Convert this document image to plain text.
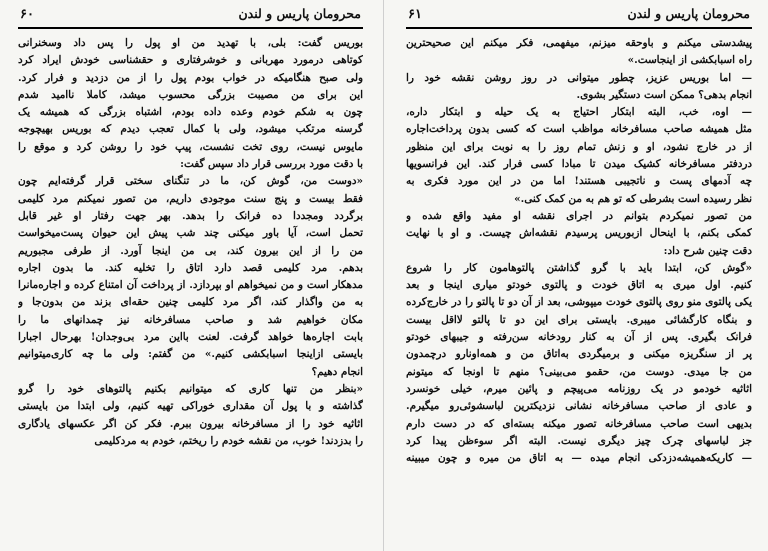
محرومان پاریس و لندن
۶۰
بوریس گفت: بلی، با تهدید من او پول را پس داد وسخنرانی
کوتاهی درمورد مهربانی و خوشرفتاری و حقشناسی خودش ایراد کرد
ولی صبح هنگامیکه در خواب بودم پول را از من دزدید و فرار کرد.
این برای من مصیبت بزرگی محسوب میشد، کاملا ناامید شدم
چون به شکم خودم وعده داده بودم، اشتباه بزرگی که همیشه یک
گرسنه مرتکب میشود، ولی با کمال تعجب دیدم که بوریس بهیچوجه
مایوس نیست، روی تخت نشست، پیپ خود را روشن کرد و موقع را
با دقت مورد بررسی قرار داد سپس گفت:
«دوست من، گوش کن، ما در تنگنای سختی قرار گرفته‌ایم چون
فقط بیست و پنج سنت موجودی داریم، من تصور نمیکنم مرد کلیمی
برگردد ومجددا ده فرانک را بدهد. بهر جهت رفتار او غیر قابل
تحمل است، آیا باور میکنی چند شب پیش این حیوان پست‌میخواست
من را از این بیرون کند، بی من اینجا آورد. از طرفی مجبوریم
بدهم. مرد کلیمی قصد دارد اتاق را تخلیه کند. ما بدون اجاره
مدهکار است و من نمیخواهم او بپردازد. از پرداخت آن امتناع کرده و اجاره‌مانرا
به من واگذار کند، اگر مرد کلیمی چنین حقه‌ای بزند من بدون‌جا و
مکان خواهیم شد و صاحب مسافرخانه نیز چمدانهای ما را
بابت اجاره‌ها خواهد گرفت. لعنت بااین مرد بی‌وجدان! بهرحال اجبارا
بایستی ازاینجا اسبابکشی کنیم.» من گفتم: ولی ما چه کاری‌میتوانیم
انجام دهیم؟
«بنظر من تنها کاری که میتوانیم بکنیم پالتوهای خود را گرو
گذاشته و با پول آن مقداری خوراکی تهیه کنیم، ولی ابتدا من بایستی
اثاثیه خود را از مسافرخانه بیرون ببرم. فکر کن اگر عکسهای یادگاری
را بدزدند! خوب، من نقشه خودم را ریختم، خودم به مردکلیمی
محرومان پاریس و لندن
۶۱
پیشدستی میکنم و باوحقه میزنم، میفهمی، فکر میکنم این صحیحترین
راه اسبابکشی از اینجاست.»
— اما بوریس عزیز، چطور میتوانی در روز روشن نقشه خود را
انجام بدهی؟ ممکن است دستگیر بشوی.
— اوه، خب، البته ابتکار احتیاج به یک حیله و ابتکار داره،
مثل همیشه صاحب مسافرخانه مواظب است که کسی بدون پرداخت‌اجاره
از در خارج نشود، او و زنش تمام روز را به نوبت برای این منظور
دردفتر مسافرخانه کشیک میدن تا مبادا کسی فرار کند. این فرانسویها
چه آدمهای پست و ناتجیبی هستند! اما من در این مورد فکری به
نظر رسیده است بشرطی که تو هم به من کمک کنی.»
من تصور نمیکردم بتوانم در اجرای نقشه او مفید واقع شده و
کمکی بکنم، با اینحال ازبوریس پرسیدم نقشه‌اش چیست. و او با نهایت
دقت چنین شرح داد:
«گوش کن، ابتدا باید با گرو گذاشتن پالتوهامون کار را شروع
کنیم. اول میری به اتاق خودت و پالتوی خودتو میاری اینجا و بعد
یکی پالتوی منو روی پالتوی خودت میپوشی، بعد از آن دو تا پالتو را در خارج‌کرده
و بنگاه کارگشائی میبری. بایستی برای این دو تا پالتو لااقل بیست
فرانک بگیری. پس از آن به کنار رودخانه سن‌رفته و جیبهای خودتو
پر از سنگریزه میکنی و برمیگردی به‌اتاق من و همه‌اونارو درچمدون
من جا میدی. دوست من، حقمو می‌بینی؟ منهم تا اونجا که میتونم
اثاثیه خودمو در یک روزنامه می‌پیچم و پائین میرم، خیلی خونسرد
و عادی از صاحب مسافرخانه نشانی نزدیکترین لباسشوئی‌رو میگیرم.
بدیهی است صاحب مسافرخانه تصور میکنه بسته‌ای که در دست دارم
جز لباسهای چرک چیز دیگری نیست. البته اگر سوءظن پیدا کرد
— کاریکه‌همیشه‌دزدکی انجام میده — به اتاق من میره و چون میبینه
